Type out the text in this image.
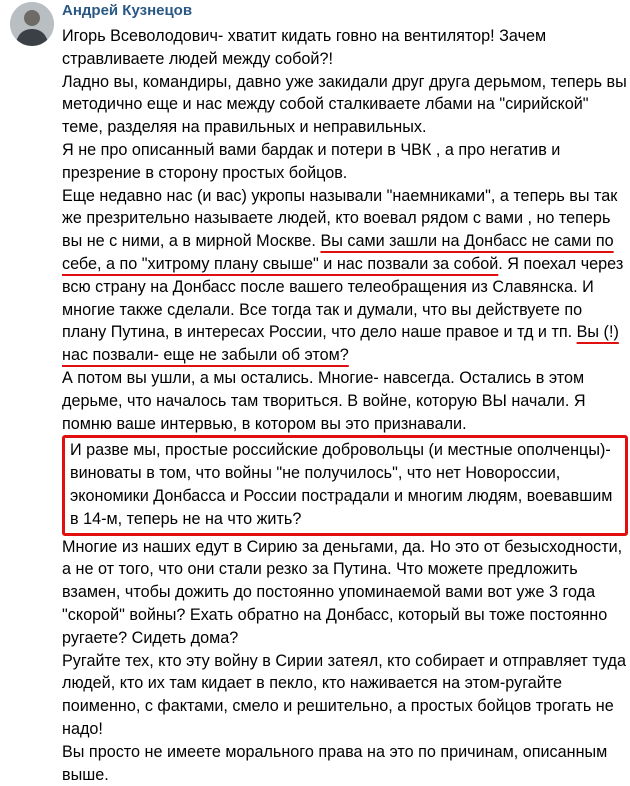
Андрей Кузнецов

Игорь Всеволодович- хватит кидать говно на вентилятор! Зачем стравливаете людей между собой?!

Ладно вы, командиры, давно уже закидали друг друга дерьмом, теперь вы методично еще и нас между собой сталкиваете лбами на "сирийской" теме, разделяя на правильных и неправильных.

Я не про описанный вами бардак и потери в ЧВК , а про негатив и презрение в сторону простых бойцов.

Еще недавно нас (и вас) укропы называли "наемниками", а теперь вы так же презрительно называете людей, кто воевал рядом с вами , но теперь вы не с ними, а в мирной Москве. Вы сами зашли на Донбасс не сами по себе, а по "хитрому плану свыше" и нас позвали за собой. Я поехал через всю страну на Донбасс после вашего телеобращения из Славянска. И многие также сделали. Все тогда так и думали, что вы действуете по плану Путина, в интересах России, что дело наше правое и тд и тп. Вы (!) нас позвали- еще не забыли об этом?

А потом вы ушли, а мы остались. Многие- навсегда. Остались в этом дерьме, что началось там твориться. В войне, которую ВЫ начали. Я помню ваше интервью, в котором вы это признавали.

И разве мы, простые российские добровольцы (и местные ополченцы)- виноваты в том, что войны "не получилось", что нет Новороссии, экономики Донбасса и России пострадали и многим людям, воевавшим в 14-м, теперь не на что жить?

Многие из наших едут в Сирию за деньгами, да. Но это от безысходности, а не от того, что они стали резко за Путина. Что можете предложить взамен, чтобы дожить до постоянно упоминаемой вами вот уже 3 года "скорой" войны? Ехать обратно на Донбасс, который вы тоже постоянно ругаете? Сидеть дома?

Ругайте тех, кто эту войну в Сирии затеял, кто собирает и отправляет туда людей, кто их там кидает в пекло, кто наживается на этом-ругайте поименно, с фактами, смело и решительно, а простых бойцов трогать не надо!

Вы просто не имеете морального права на это по причинам, описанным выше.
